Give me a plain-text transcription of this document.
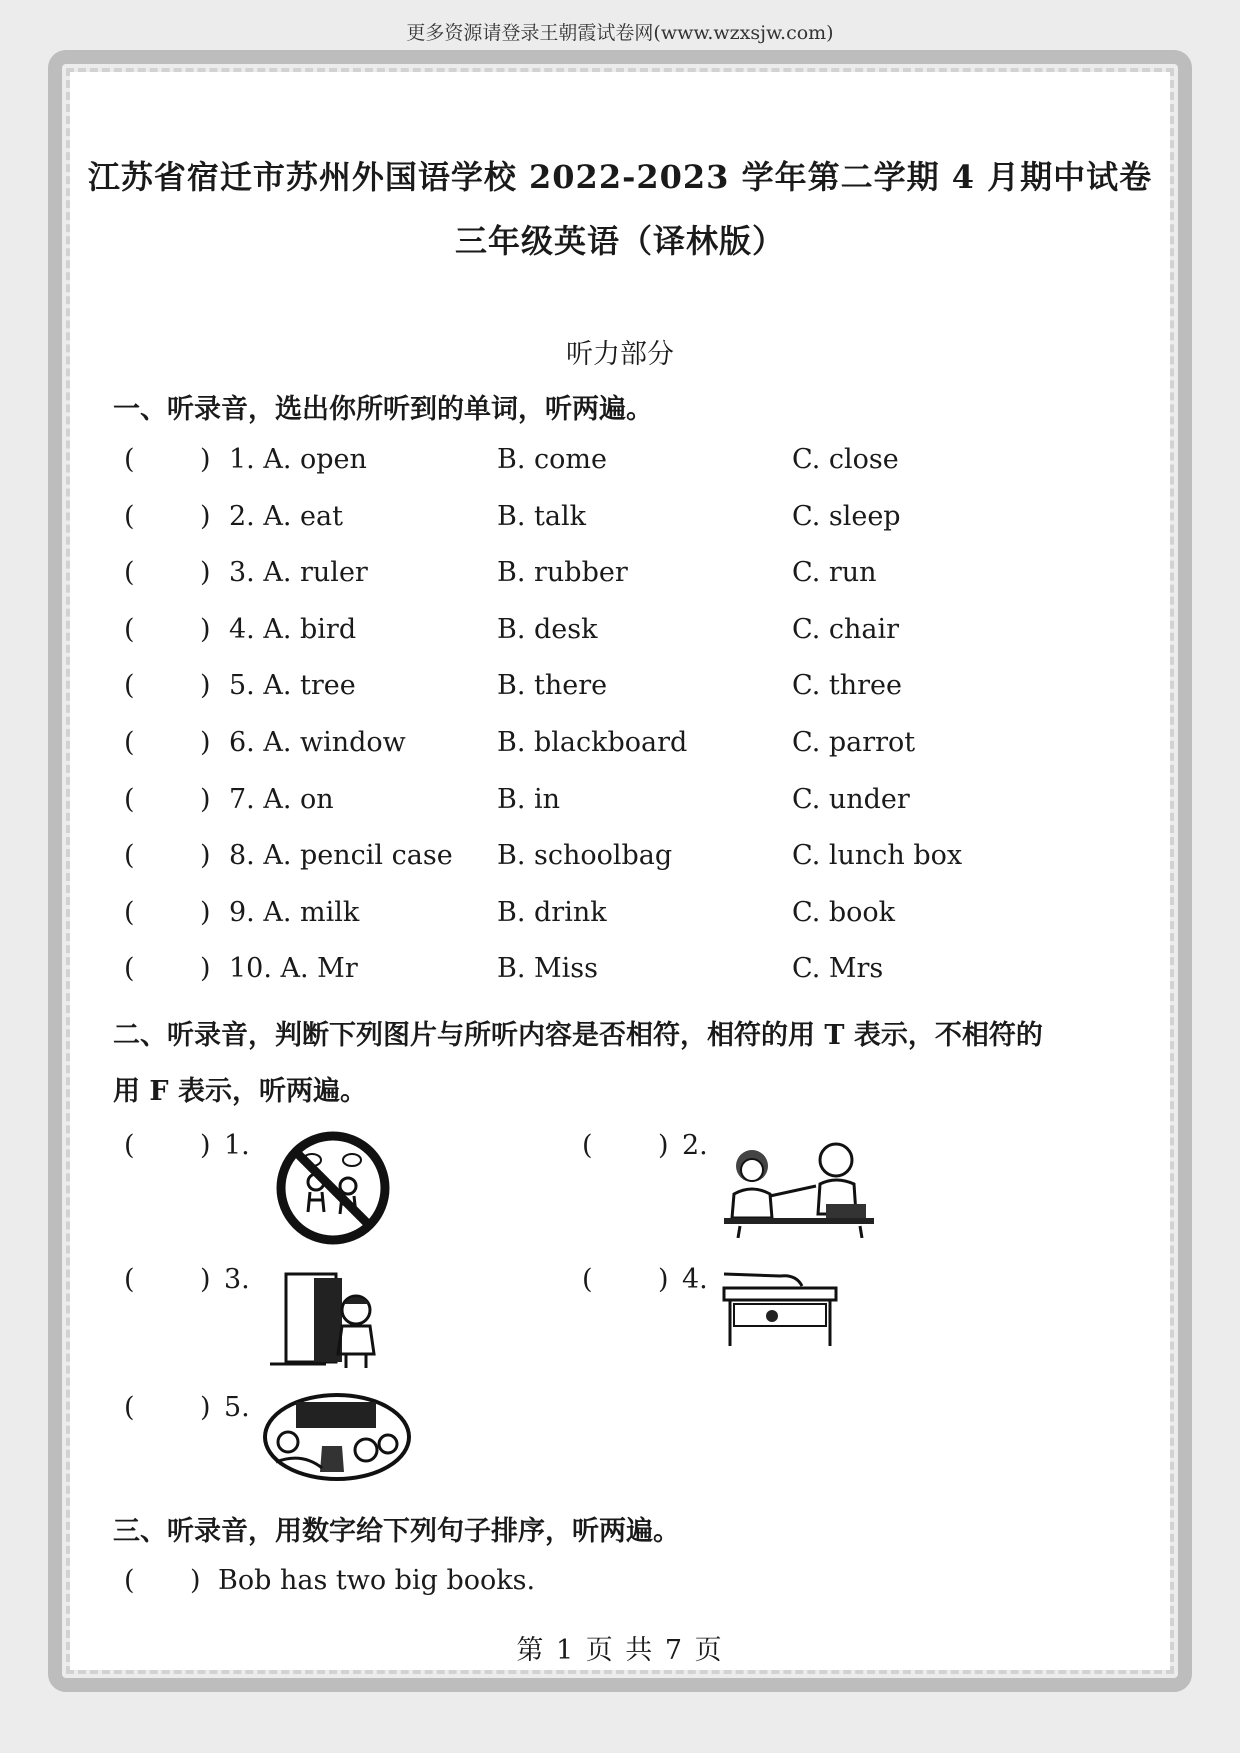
更多资源请登录王朝霞试卷网(www.wzxsjw.com)
江苏省宿迁市苏州外国语学校 2022-2023 学年第二学期 4 月期中试卷
三年级英语（译林版）
听力部分
一、听录音，选出你所听到的单词，听两遍。
( ) 1. A. open	B. come	C. close
( ) 2. A. eat	B. talk	C. sleep
( ) 3. A. ruler	B. rubber	C. run
( ) 4. A. bird	B. desk	C. chair
( ) 5. A. tree	B. there	C. three
( ) 6. A. window	B. blackboard	C. parrot
( ) 7. A. on	B. in	C. under
( ) 8. A. pencil case B. schoolbag	C. lunch box
( ) 9. A. milk	B. drink	C. book
( ) 10. A. Mr	B. Miss	C. Mrs
二、听录音，判断下列图片与所听内容是否相符，相符的用 T 表示，不相符的
用 F 表示，听两遍。
( ) 1.	( ) 2.
( ) 3.	( ) 4.
( ) 5.
三、听录音，用数字给下列句子排序，听两遍。
( ) Bob has two big books.
第 1 页 共 7 页
